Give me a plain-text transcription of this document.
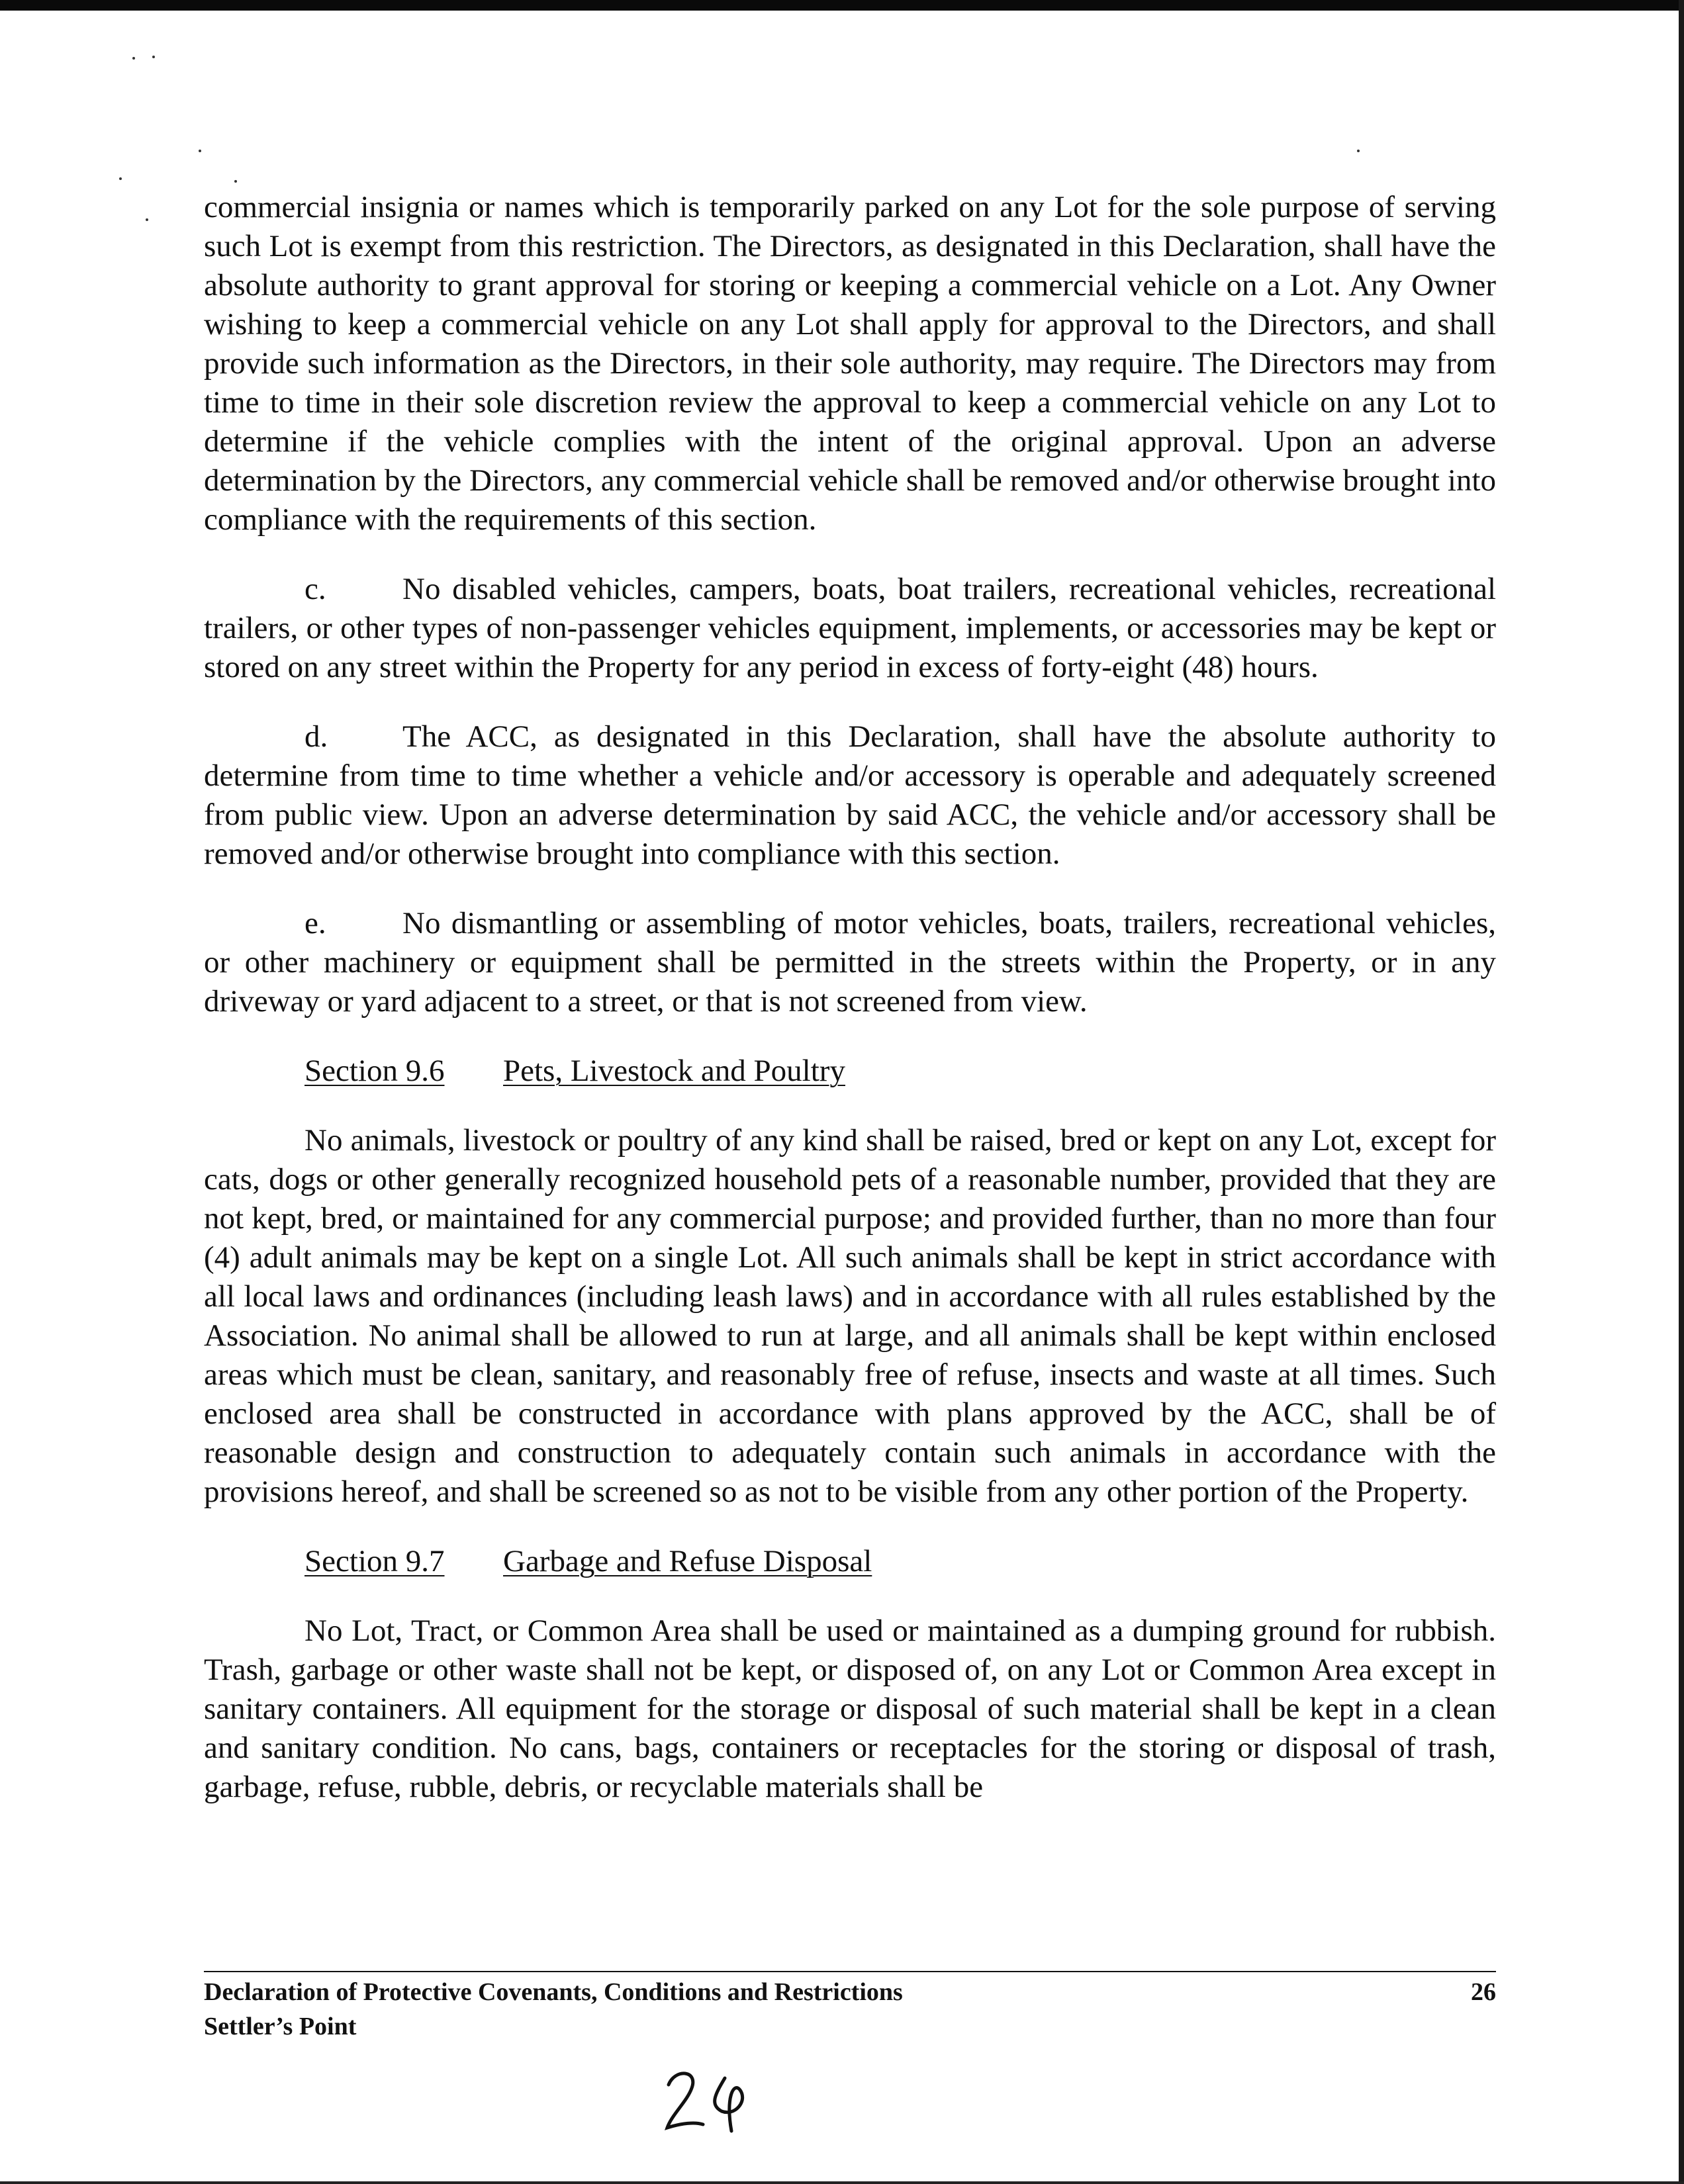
commercial insignia or names which is temporarily parked on any Lot for the sole purpose of serving such Lot is exempt from this restriction. The Directors, as designated in this Declaration, shall have the absolute authority to grant approval for storing or keeping a commercial vehicle on a Lot. Any Owner wishing to keep a commercial vehicle on any Lot shall apply for approval to the Directors, and shall provide such information as the Directors, in their sole authority, may require. The Directors may from time to time in their sole discretion review the approval to keep a commercial vehicle on any Lot to determine if the vehicle complies with the intent of the original approval. Upon an adverse determination by the Directors, any commercial vehicle shall be removed and/or otherwise brought into compliance with the requirements of this section.

c. No disabled vehicles, campers, boats, boat trailers, recreational vehicles, recreational trailers, or other types of non-passenger vehicles equipment, implements, or accessories may be kept or stored on any street within the Property for any period in excess of forty-eight (48) hours.

d. The ACC, as designated in this Declaration, shall have the absolute authority to determine from time to time whether a vehicle and/or accessory is operable and adequately screened from public view. Upon an adverse determination by said ACC, the vehicle and/or accessory shall be removed and/or otherwise brought into compliance with this section.

e. No dismantling or assembling of motor vehicles, boats, trailers, recreational vehicles, or other machinery or equipment shall be permitted in the streets within the Property, or in any driveway or yard adjacent to a street, or that is not screened from view.

Section 9.6 Pets, Livestock and Poultry

No animals, livestock or poultry of any kind shall be raised, bred or kept on any Lot, except for cats, dogs or other generally recognized household pets of a reasonable number, provided that they are not kept, bred, or maintained for any commercial purpose; and provided further, than no more than four (4) adult animals may be kept on a single Lot. All such animals shall be kept in strict accordance with all local laws and ordinances (including leash laws) and in accordance with all rules established by the Association. No animal shall be allowed to run at large, and all animals shall be kept within enclosed areas which must be clean, sanitary, and reasonably free of refuse, insects and waste at all times. Such enclosed area shall be constructed in accordance with plans approved by the ACC, shall be of reasonable design and construction to adequately contain such animals in accordance with the provisions hereof, and shall be screened so as not to be visible from any other portion of the Property.

Section 9.7 Garbage and Refuse Disposal

No Lot, Tract, or Common Area shall be used or maintained as a dumping ground for rubbish. Trash, garbage or other waste shall not be kept, or disposed of, on any Lot or Common Area except in sanitary containers. All equipment for the storage or disposal of such material shall be kept in a clean and sanitary condition. No cans, bags, containers or receptacles for the storing or disposal of trash, garbage, refuse, rubble, debris, or recyclable materials shall be

Declaration of Protective Covenants, Conditions and Restrictions	26
Settler’s Point
